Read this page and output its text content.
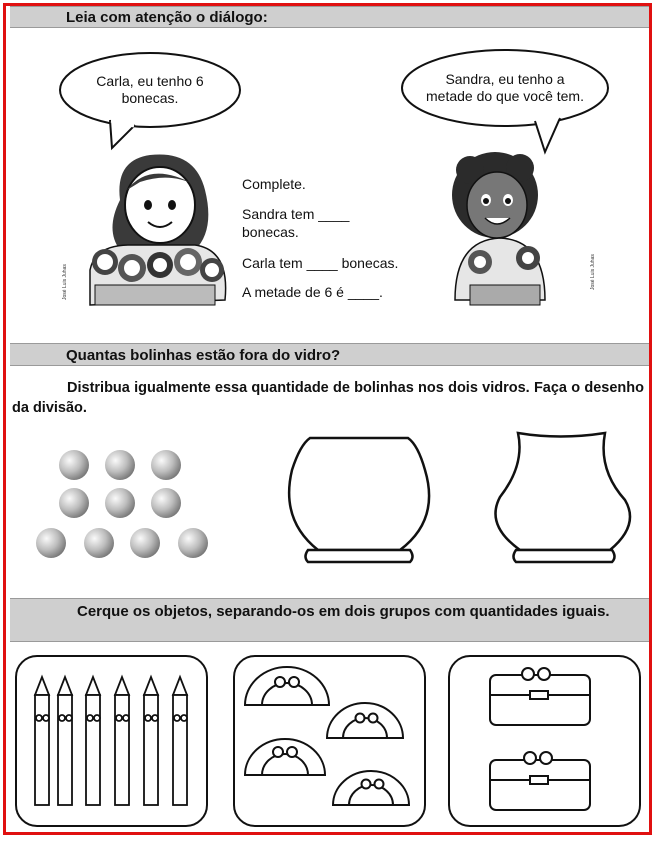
Leia com atenção o diálogo:
Carla, eu tenho 6
bonecas.
Sandra, eu tenho a
metade do que você tem.
Complete.
Sandra tem ____
bonecas.
Carla tem ____ bonecas.
A metade de 6 é ____.
José Luis Juhas	José Luis Juhas
Quantas bolinhas estão fora do vidro?
Distribua igualmente essa quantidade de bolinhas nos dois vidros. Faça o desenho da divisão.
Cerque os objetos, separando-os em dois grupos com quantidades iguais.
